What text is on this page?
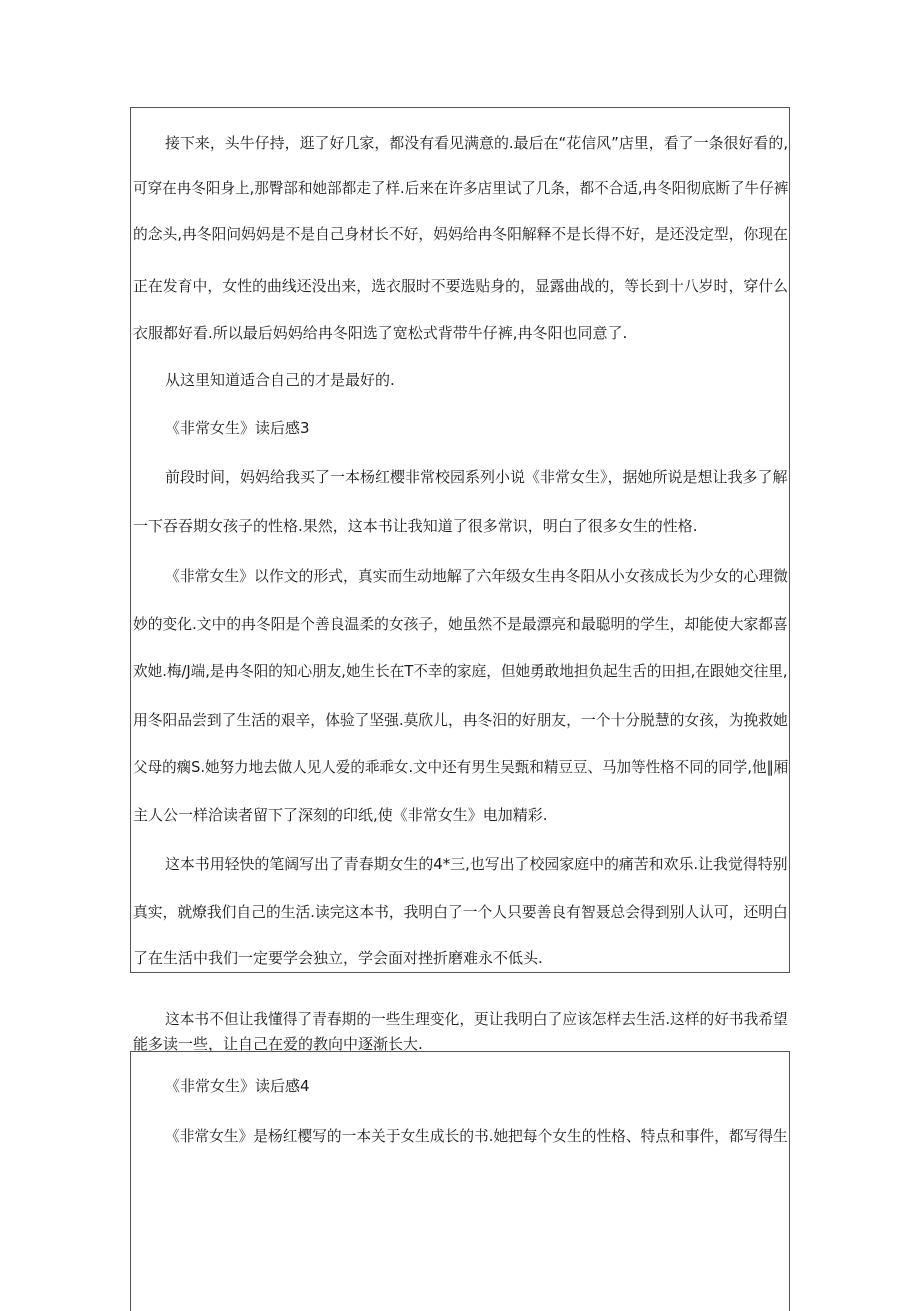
接下来，头牛仔持，逛了好几家，都没有看见满意的.最后在“花信风”店里，看了一条很好看的,
可穿在冉冬阳身上,那臀部和她部都走了样.后来在许多店里试了几条，都不合适,冉冬阳彻底断了牛仔裤
的念头,冉冬阳问妈妈是不是自己身材长不好，妈妈给冉冬阳解释不是长得不好，是还没定型，你现在
正在发育中，女性的曲线还没出来，选衣服时不要选贴身的，显露曲战的，等长到十八岁时，穿什么
衣服都好看.所以最后妈妈给冉冬阳选了宽松式背带牛仔裤,冉冬阳也同意了.
从这里知道适合自己的才是最好的.
《非常女生》读后感3
前段时间，妈妈给我买了一本杨红樱非常校园系列小说《非常女生》，据她所说是想让我多了解
一下吞吞期女孩子的性格.果然，这本书让我知道了很多常识，明白了很多女生的性格.
《非常女生》以作文的形式，真实而生动地解了六年级女生冉冬阳从小女孩成长为少女的心理微
妙的变化.文中的冉冬阳是个善良温柔的女孩子，她虽然不是最漂亮和最聪明的学生，却能使大家都喜
欢她.梅/J端,是冉冬阳的知心朋友,她生长在T不幸的家庭，但她勇敢地担负起生舌的田担,在跟她交往里,
用冬阳品尝到了生活的艰辛，体验了坚强.莫欣儿，冉冬汨的好朋友，一个十分脱慧的女孩，为挽救她
父母的瘸S.她努力地去做人见人爱的乖乖女.文中还有男生吴甄和精豆豆、马加等性格不同的同学,他‖厢
主人公一样洽读者留下了深刻的印纸,使《非常女生》电加精彩.
这本书用轻快的笔阔写出了青春期女生的4*三,也写出了校园家庭中的痛苦和欢乐.让我觉得特别
真实，就燎我们自己的生活.读完这本书，我明白了一个人只要善良有智聂总会得到别人认可，还明白
了在生活中我们一定要学会独立，学会面对挫折磨难永不低头.
这本书不但让我懂得了青春期的一些生理变化，更让我明白了应该怎样去生活.这样的好书我希望
能多读一些，让自己在爱的教向中逐渐长大.
《非常女生》读后感4
《非常女生》是杨红樱写的一本关于女生成长的书.她把每个女生的性格、特点和事件，都写得生
